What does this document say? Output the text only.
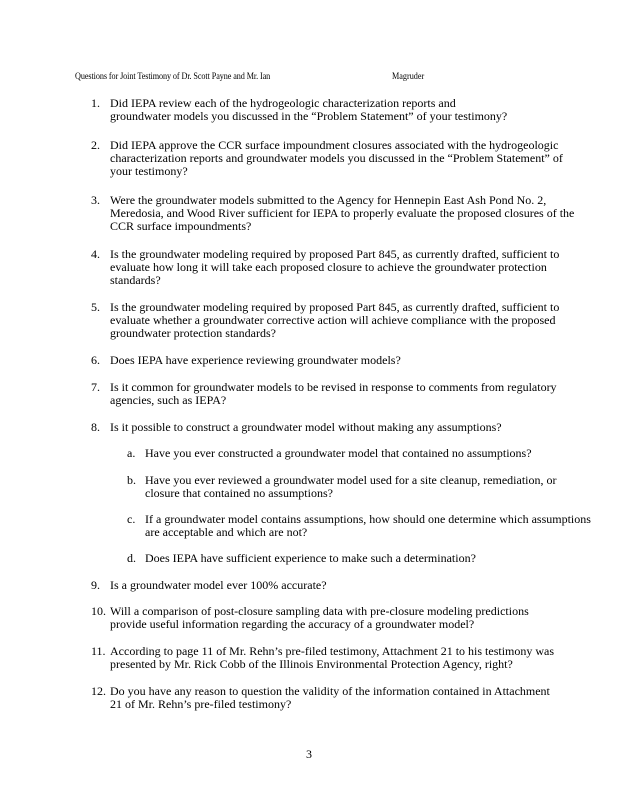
Questions for Joint Testimony of Dr. Scott Payne and Mr. Ian	Magruder
1. Did IEPA review each of the hydrogeologic characterization reports and groundwater models you discussed in the “Problem Statement” of your testimony?
2. Did IEPA approve the CCR surface impoundment closures associated with the hydrogeologic characterization reports and groundwater models you discussed in the “Problem Statement” of your testimony?
3. Were the groundwater models submitted to the Agency for Hennepin East Ash Pond No. 2, Meredosia, and Wood River sufficient for IEPA to properly evaluate the proposed closures of the CCR surface impoundments?
4. Is the groundwater modeling required by proposed Part 845, as currently drafted, sufficient to evaluate how long it will take each proposed closure to achieve the groundwater protection standards?
5. Is the groundwater modeling required by proposed Part 845, as currently drafted, sufficient to evaluate whether a groundwater corrective action will achieve compliance with the proposed groundwater protection standards?
6. Does IEPA have experience reviewing groundwater models?
7. Is it common for groundwater models to be revised in response to comments from regulatory agencies, such as IEPA?
8. Is it possible to construct a groundwater model without making any assumptions?
a. Have you ever constructed a groundwater model that contained no assumptions?
b. Have you ever reviewed a groundwater model used for a site cleanup, remediation, or closure that contained no assumptions?
c. If a groundwater model contains assumptions, how should one determine which assumptions are acceptable and which are not?
d. Does IEPA have sufficient experience to make such a determination?
9. Is a groundwater model ever 100% accurate?
10. Will a comparison of post-closure sampling data with pre-closure modeling predictions provide useful information regarding the accuracy of a groundwater model?
11. According to page 11 of Mr. Rehn’s pre-filed testimony, Attachment 21 to his testimony was presented by Mr. Rick Cobb of the Illinois Environmental Protection Agency, right?
12. Do you have any reason to question the validity of the information contained in Attachment 21 of Mr. Rehn’s pre-filed testimony?
3
